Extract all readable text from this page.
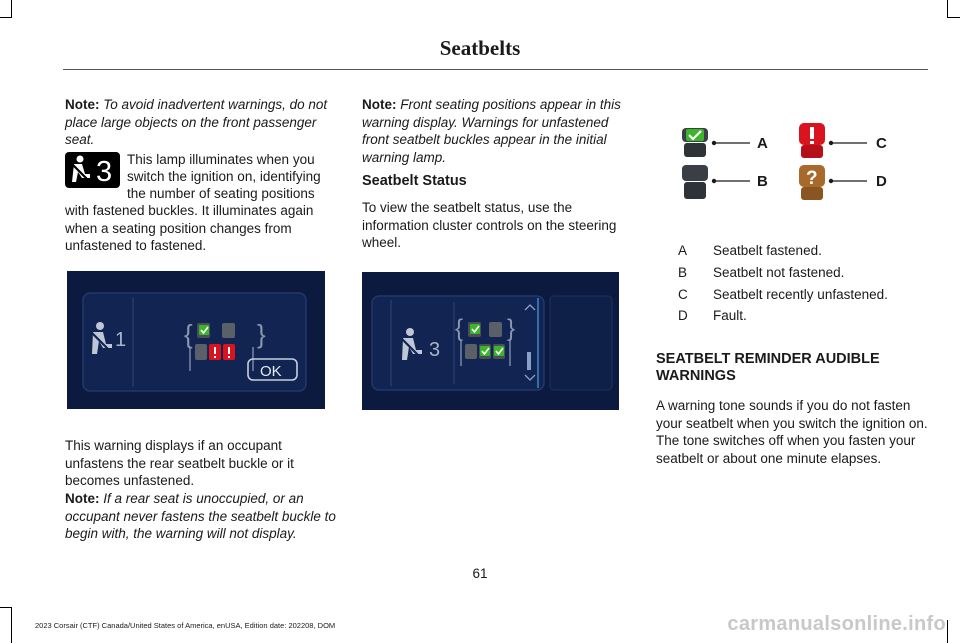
Seatbelts

Note: To avoid inadvertent warnings, do not place large objects on the front passenger seat.

3 This lamp illuminates when you

switch the ignition on, identifying

the number of seating positions

with fastened buckles. It illuminates again when a seating position changes from unfastened to fastened.

1 { }
OK

This warning displays if an occupant unfastens the rear seatbelt buckle or it becomes unfastened.

Note: If a rear seat is unoccupied, or an occupant never fastens the seatbelt buckle to begin with, the warning will not display.

Note: Front seating positions appear in this warning display. Warnings for unfastened front seatbelt buckles appear in the initial warning lamp.

Seatbelt Status

To view the seatbelt status, use the information cluster controls on the steering wheel.

3
{ }
A
B
C
?	D
A Seatbelt fastened.
B Seatbelt not fastened.
C Seatbelt recently unfastened.
D Fault.

SEATBELT REMINDER AUDIBLE

WARNINGS

A warning tone sounds if you do not fasten your seatbelt when you switch the ignition on. The tone switches off when you fasten your seatbelt or about one minute elapses.

61
2023 Corsair (CTF) Canada/United States of America, enUSA, Edition date: 202208, DOM	carmanualsonline.info
